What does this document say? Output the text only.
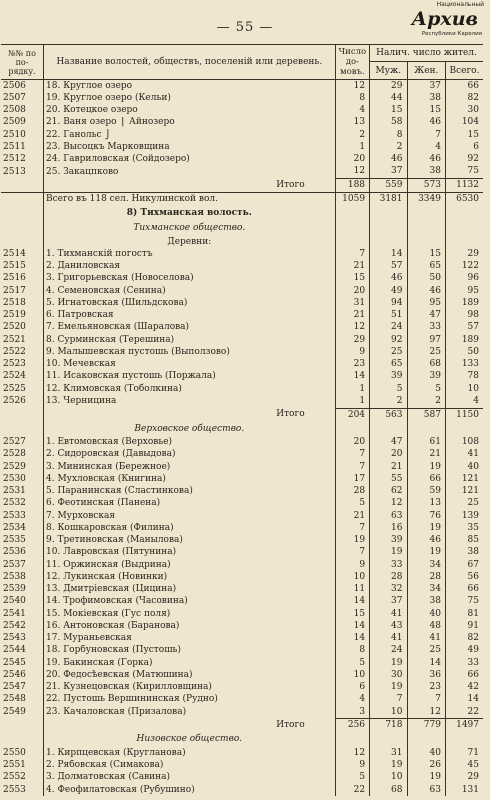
— 55 —
Национальный
Архив
Республики Карелия
№№ по по- рядку.	Название волостей, обществъ, поселеній или деревень.	Число до- мовъ.	Налич. число жител.		
			Муж.	Жен.	Всего.
2506	18. Круглое озеро	12	29	37	66
2507	19. Круглое озеро (Кельи)	8	44	38	82
2508	20. Котецкое озеро	4	15	15	30
2509	21. Ваня озеро ⎫ Айнозеро	13	58	46	104
2510	22. Ганольс ⎭	2	8	7	15
2511	23. Высоцкъ Марковщина	1	2	4	6
2512	24. Гавриловская (Сойдозеро)	20	46	46	92
2513	25. Закацпково	12	37	38	75
	Итого	188	559	573	1132
	Всего въ 118 сел. Никулинской вол.	1059	3181	3349	6530
	8) Тихманская волость.				
	Тихманское общество.				
	Деревни:				
2514	1. Тихманскій погостъ	7	14	15	29
2515	2. Даниловская	21	57	65	122
2516	3. Григорьевская (Новоселова)	15	46	50	96
2517	4. Семеновская (Сенина)	20	49	46	95
2518	5. Игнатовская (Шильдскова)	31	94	95	189
2519	6. Патровская	21	51	47	98
2520	7. Емельяновская (Шаралова)	12	24	33	57
2521	8. Сурминская (Терешина)	29	92	97	189
2522	9. Малышевская пустошь (Выползово)	9	25	25	50
2523	10. Мечевская	23	65	68	133
2524	11. Исаковская пустошь (Поржала)	14	39	39	78
2525	12. Климовская (Тоболкина)	1	5	5	10
2526	13. Черницина	1	2	2	4
	Итого	204	563	587	1150
	Верховское общество.				
2527	1. Евтомовская (Верховье)	20	47	61	108
2528	2. Сидоровская (Давыдова)	7	20	21	41
2529	3. Мининская (Бережное)	7	21	19	40
2530	4. Мухловская (Книгина)	17	55	66	121
2531	5. Паранинская (Сластинкова)	28	62	59	121
2532	6. Феотинская (Панена)	5	12	13	25
2533	7. Мурховская	21	63	76	139
2534	8. Кошкаровская (Филина)	7	16	19	35
2535	9. Третиновская (Манылова)	19	39	46	85
2536	10. Лавровская (Пятунина)	7	19	19	38
2537	11. Оржинская (Выдрина)	9	33	34	67
2538	12. Лукинская (Новинки)	10	28	28	56
2539	13. Дмитріевская (Цицина)	11	32	34	66
2540	14. Трофимовская (Часовина)	14	37	38	75
2541	15. Мокіевская (Гус поля)	15	41	40	81
2542	16. Антоновская (Баранова)	14	43	48	91
2543	17. Мураньевская	14	41	41	82
2544	18. Горбуновская (Пустошь)	8	24	25	49
2545	19. Бакинская (Горка)	5	19	14	33
2546	20. Федосѣевская (Матюшина)	10	30	36	66
2547	21. Кузнецовская (Кирилловщина)	6	19	23	42
2548	22. Пустошь Вершининская (Рудно)	4	7	7	14
2549	23. Качаловская (Призалова)	3	10	12	22
	Итого	256	718	779	1497
	Низовское общество.				
2550	1. Кирпцевская (Кругланова)	12	31	40	71
2551	2. Рябовская (Симакова)	9	19	26	45
2552	3. Долматовская (Савина)	5	10	19	29
2553	4. Феофилатовская (Рубушино)	22	68	63	131
